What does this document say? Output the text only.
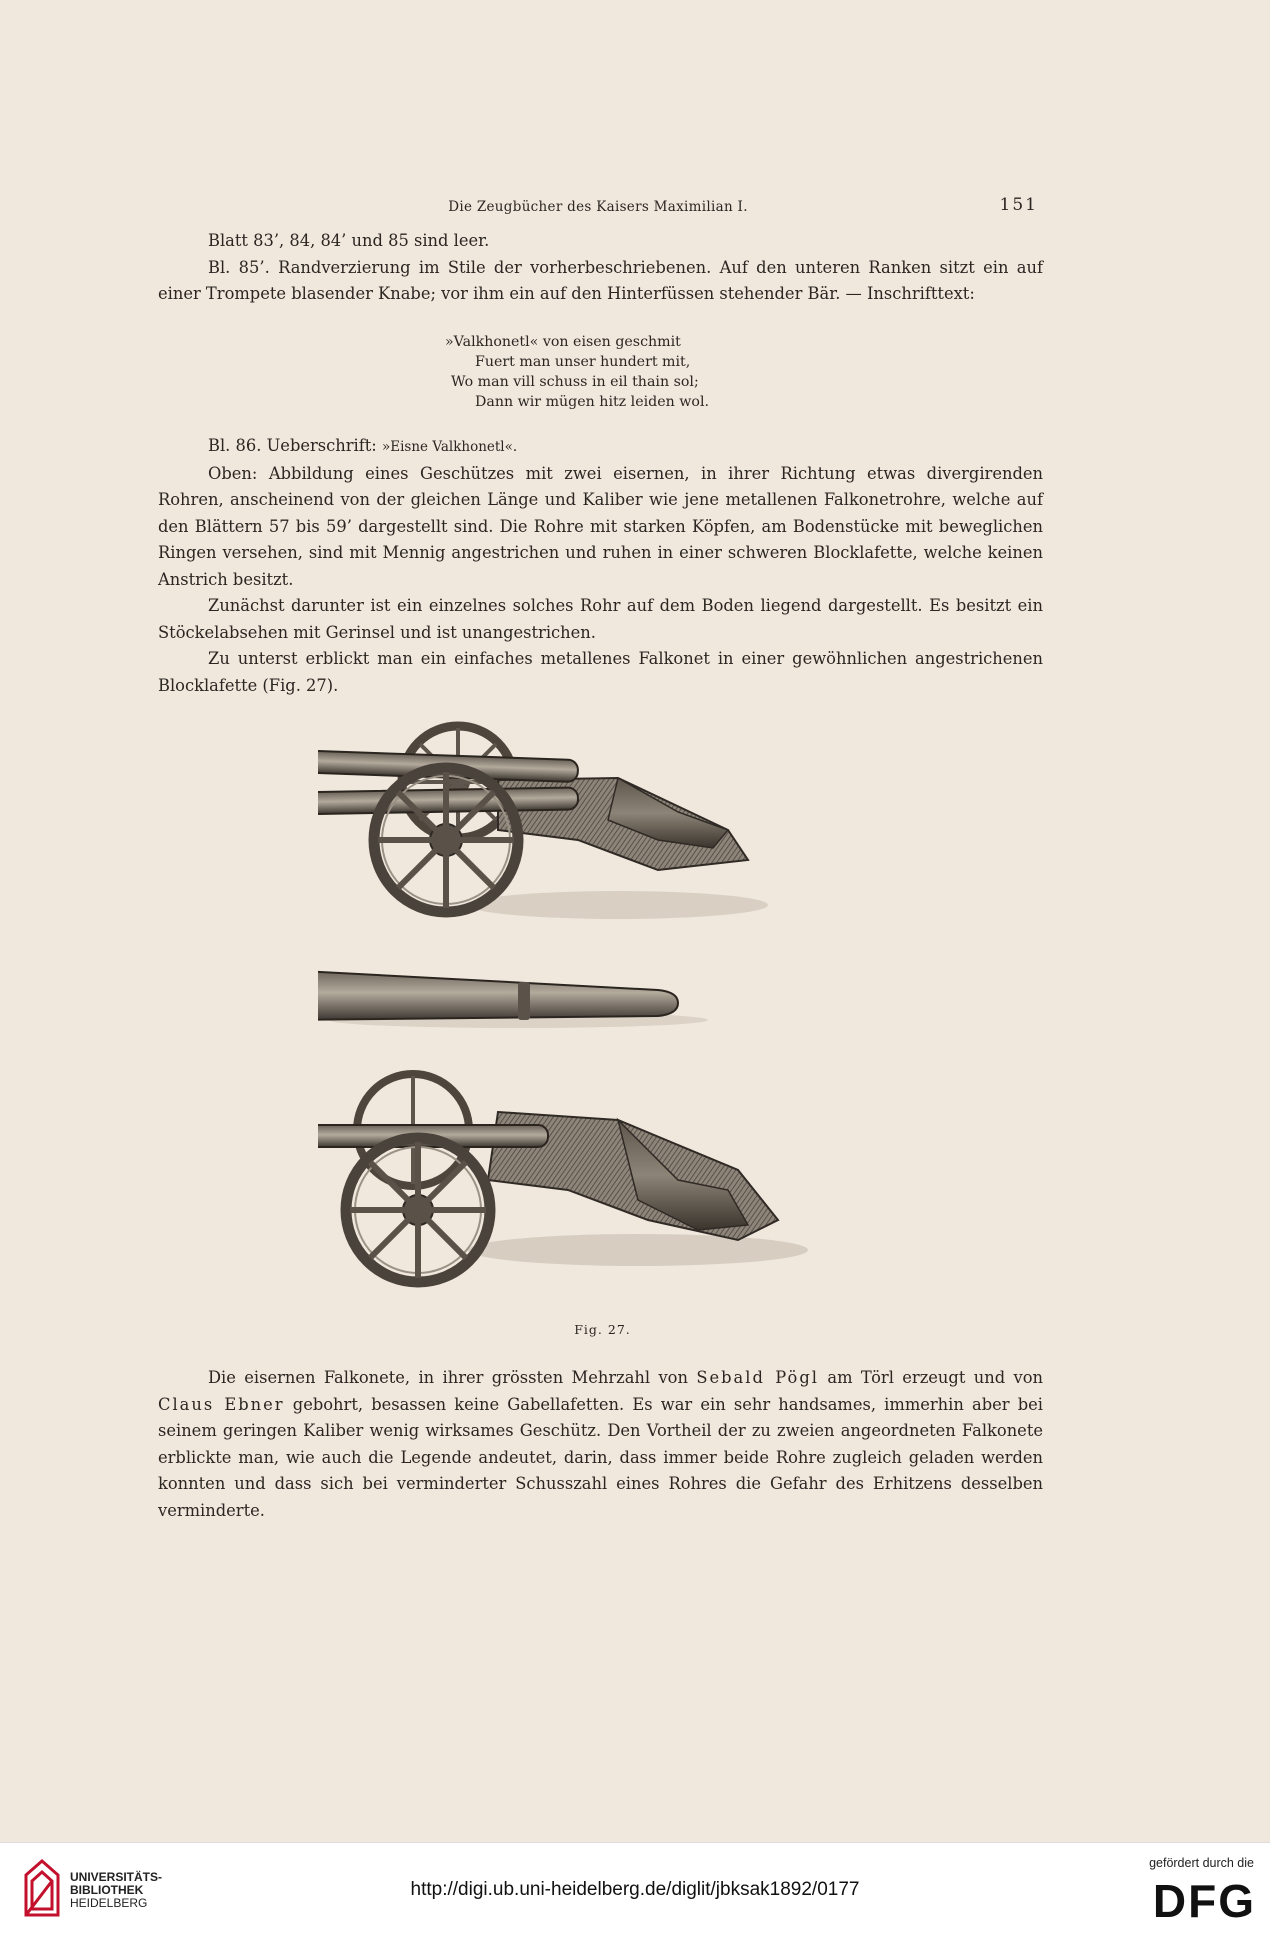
Die Zeugbücher des Kaisers Maximilian I.	151

Blatt 83’, 84, 84’ und 85 sind leer.

Bl. 85’. Randverzierung im Stile der vorherbeschriebenen. Auf den unteren Ranken sitzt ein auf einer Trompete blasender Knabe; vor ihm ein auf den Hinterfüssen stehender Bär. — Inschrifttext:

»Valkhonetl« von eisen geschmit
Fuert man unser hundert mit,
Wo man vill schuss in eil thain sol;
Dann wir mügen hitz leiden wol.

Bl. 86. Ueberschrift: »Eisne Valkhonetl«.

Oben: Abbildung eines Geschützes mit zwei eisernen, in ihrer Richtung etwas divergirenden Rohren, anscheinend von der gleichen Länge und Kaliber wie jene metallenen Falkonetrohre, welche auf den Blättern 57 bis 59’ dargestellt sind. Die Rohre mit starken Köpfen, am Bodenstücke mit beweglichen Ringen versehen, sind mit Mennig angestrichen und ruhen in einer schweren Blocklafette, welche keinen Anstrich besitzt.

Zunächst darunter ist ein einzelnes solches Rohr auf dem Boden liegend dargestellt. Es besitzt ein Stöckelabsehen mit Gerinsel und ist unangestrichen.

Zu unterst erblickt man ein einfaches metallenes Falkonet in einer gewöhnlichen angestrichenen Blocklafette (Fig. 27).

Fig. 27.

Die eisernen Falkonete, in ihrer grössten Mehrzahl von Sebald Pögl am Törl erzeugt und von Claus Ebner gebohrt, besassen keine Gabellafetten. Es war ein sehr handsames, immerhin aber bei seinem geringen Kaliber wenig wirksames Geschütz. Den Vortheil der zu zweien angeordneten Falkonete erblickte man, wie auch die Legende andeutet, darin, dass immer beide Rohre zugleich geladen werden konnten und dass sich bei verminderter Schusszahl eines Rohres die Gefahr des Erhitzens desselben verminderte.

UNIVERSITÄTS-
BIBLIOTHEK
HEIDELBERG
http://digi.ub.uni-heidelberg.de/diglit/jbksak1892/0177
gefördert durch die
DFG
